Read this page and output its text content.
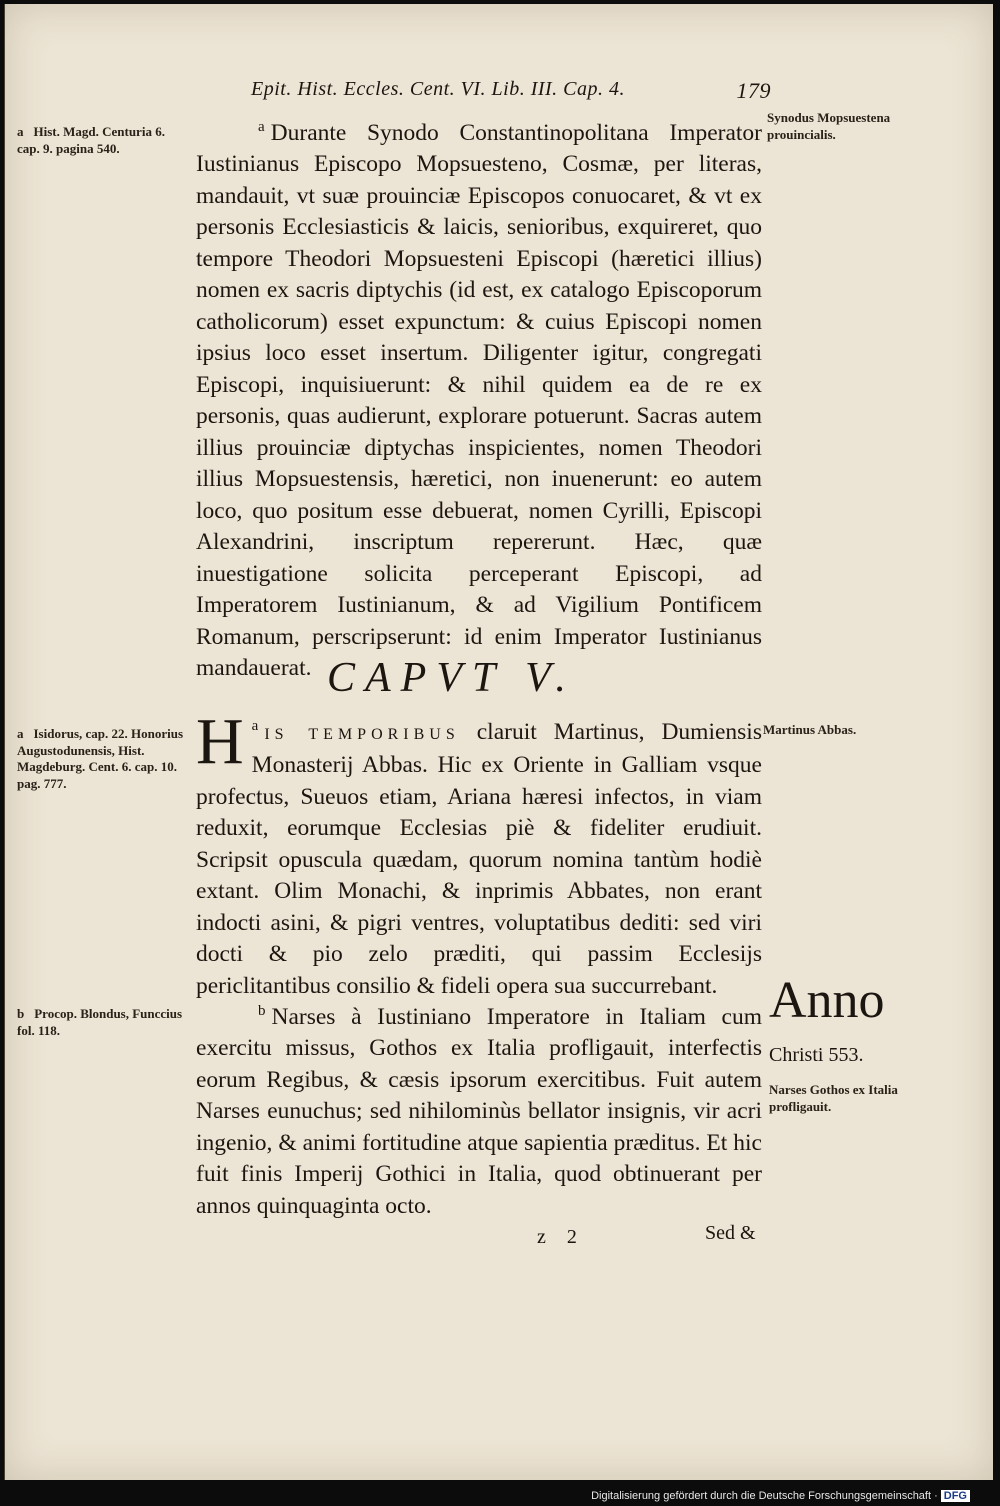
Epit. Hist. Eccles. Cent. VI. Lib. III. Cap. 4.	179
a Hist. Magd. Centuria 6. cap. 9. pagina 540.
Synodus Mopsuestena prouincialis.
$^a$ Durante Synodo Constantinopolitana Imperator Iustinianus Episcopo Mopsuesteno, Cosmæ, per literas, mandauit, vt suæ prouinciæ Episcopos conuocaret, & vt ex personis Ecclesiasticis & laicis, senioribus, exquireret, quo tempore Theodori Mopsuesteni Episcopi (hæretici illius) nomen ex sacris diptychis (id est, ex catalogo Episcoporum catholicorum) esset expunctum: & cuius Episcopi nomen ipsius loco esset insertum. Diligenter igitur, congregati Episcopi, inquisiuerunt: & nihil quidem ea de re ex personis, quas audierunt, explorare potuerunt. Sacras autem illius prouinciæ diptychas inspicientes, nomen Theodori illius Mopsuestensis, hæretici, non inuenerunt: eo autem loco, quo positum esse debuerat, nomen Cyrilli, Episcopi Alexandrini, inscriptum repererunt. Hæc, quæ inuestigatione solicita perceperant Episcopi, ad Imperatorem Iustinianum, & ad Vigilium Pontificem Romanum, perscripserunt: id enim Imperator Iustinianus mandauerat. CAPVT V.
a Isidorus, cap. 22. Honorius Augustodunensis, Hist. Magdeburg. Cent. 6. cap. 10. pag. 777.
Martinus Abbas.
$^a$
H IS TEMPORIBUS claruit Martinus, Dumiensis Monasterij Abbas. Hic ex Oriente in Galliam vsque profectus, Sueuos etiam, Ariana hæresi infectos, in viam reduxit, eorumque Ecclesias piè & fideliter erudiuit. Scripsit opuscula quædam, quorum nomina tantùm hodiè extant. Olim Monachi, & inprimis Abbates, non erant indocti asini, & pigri ventres, voluptatibus dediti: sed viri docti & pio zelo præditi, qui passim Ecclesijs periclitantibus consilio & fideli opera sua succurrebant.
b Procop. Blondus, Funccius fol. 118.
Anno
Christi 553.
Narses Gothos ex Italia profligauit.
$^b$ Narses à Iustiniano Imperatore in Italiam cum exercitu missus, Gothos ex Italia profligauit, interfectis eorum Regibus, & cæsis ipsorum exercitibus. Fuit autem Narses eunuchus; sed nihilominùs bellator insignis, vir acri ingenio, & animi fortitudine atque sapientia præditus. Et hic fuit finis Imperij Gothici in Italia, quod obtinuerant per annos quinquaginta octo.
z 2	Sed &
Digitalisierung gefördert durch die Deutsche Forschungsgemeinschaft · DFG
